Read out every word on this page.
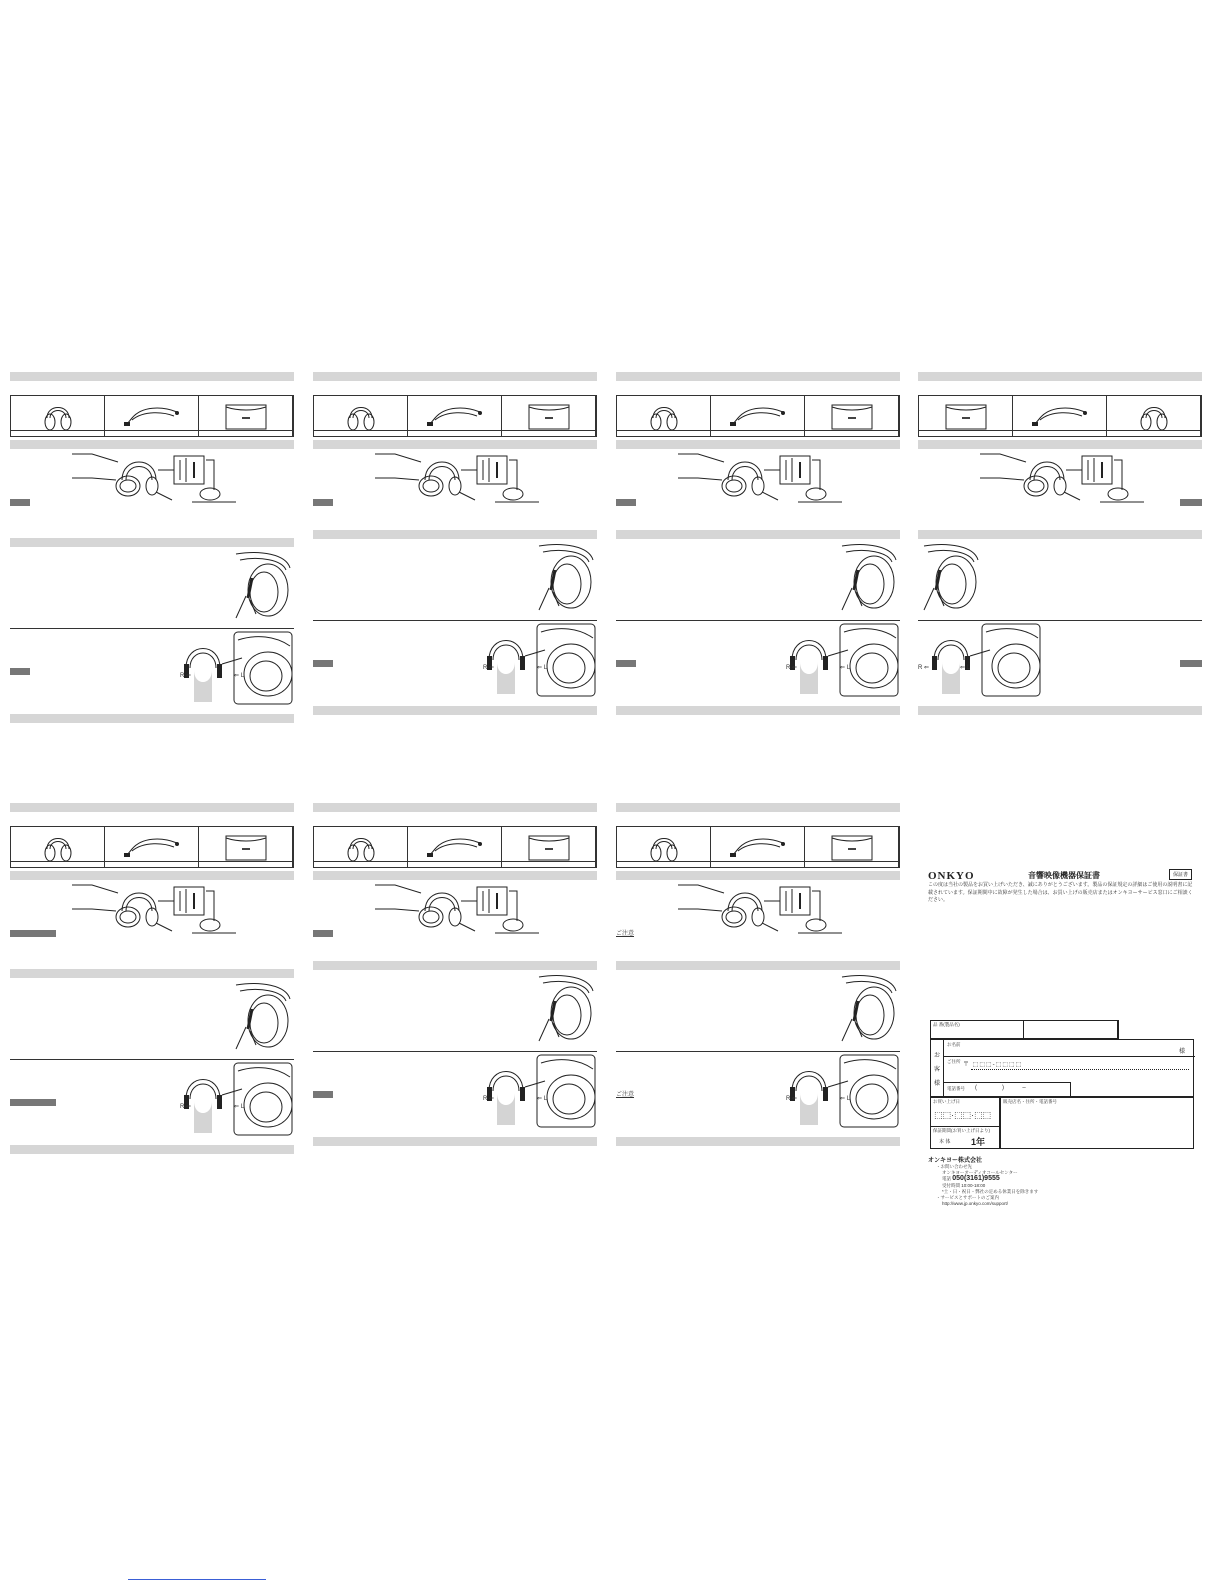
R ⇐	⇐ L
R ⇐	⇐ L	R ⇐	⇐ L	R ⇐	⇐ L
R ⇐	⇐ L
R ⇐	⇐ L
ご注意
R ⇐	⇐ L
ご注意
ONKYO	音響映像機器保証書	保証書
この度は当社の製品をお買い上げいただき、誠にありがとうございます。製品の保証規定の詳細はご使用の説明書に記載されています。保証期間中に故障が発生した場合は、お買い上げの販売店またはオンキヨーサービス窓口にご相談ください。
品 番(製品名)
お
客
様
お名前
様
ご住所
〒 ⬚⬚⬚-⬚⬚⬚⬚
電話番号 (               )           –
お買い上げ日
⬚⬚·⬚⬚·⬚⬚
保証期間(お買い上げ日より)
本 体 1年
販売店名・住所・電話番号
オンキヨー株式会社
・お問い合わせ先
オンキヨーオーディオコールセンター
電話 050(3161)9555
受付時間 10:00-18:00
*土・日・祝日・弊社の定める休業日を除きます
・サービスとサポートのご案内
http://www.jp.onkyo.com/support/
